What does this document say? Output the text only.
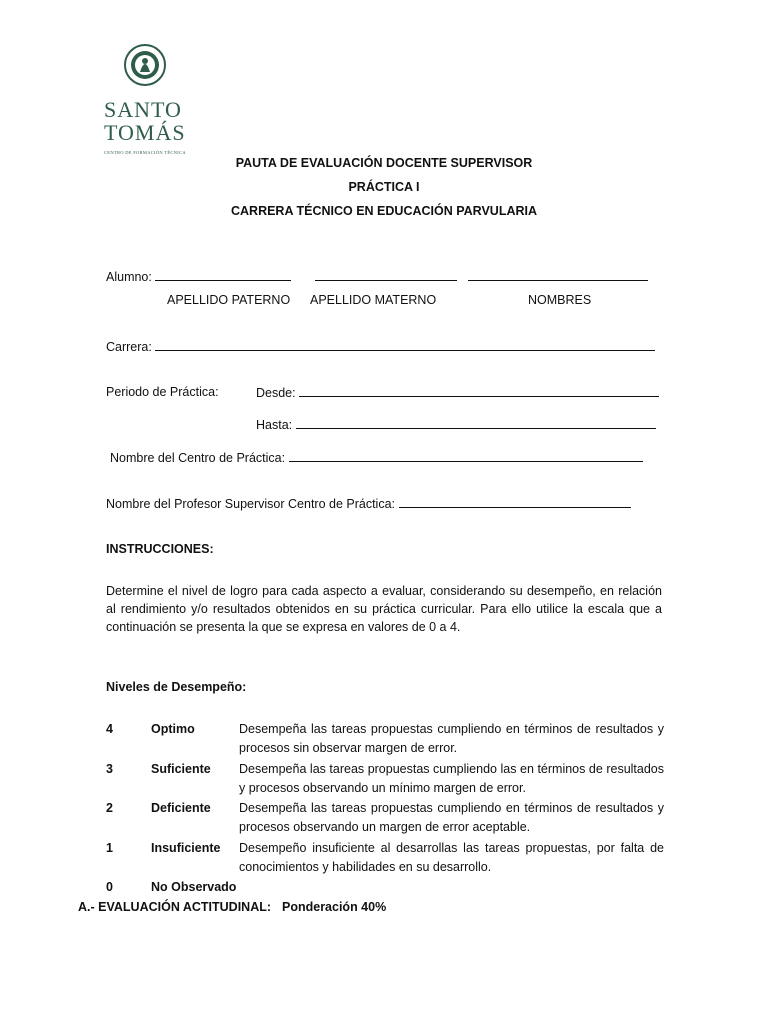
SANTO
TOMÁS
CENTRO DE FORMACIÓN TÉCNICA
PAUTA DE EVALUACIÓN DOCENTE SUPERVISOR
PRÁCTICA I
CARRERA TÉCNICO EN EDUCACIÓN PARVULARIA
Alumno:
APELLIDO PATERNO APELLIDO MATERNO	NOMBRES
Carrera:
Periodo de Práctica:	Desde:
Hasta:
Nombre del Centro de Práctica:
Nombre del Profesor Supervisor Centro de Práctica:
INSTRUCCIONES:
Determine el nivel de logro para cada aspecto a evaluar, considerando su desempeño, en relación al rendimiento y/o resultados obtenidos en su práctica curricular. Para ello utilice la escala que a continuación se presenta la que se expresa en valores de 0 a 4.
Niveles de Desempeño:
4	Optimo	Desempeña las tareas propuestas cumpliendo en términos de resultados y procesos sin observar margen de error.
3	Suficiente Desempeña las tareas propuestas cumpliendo las en términos de resultados y procesos observando un mínimo margen de error.
2	Deficiente Desempeña las tareas propuestas cumpliendo en términos de resultados y procesos observando un margen de error aceptable.
1	Insuficiente Desempeño insuficiente al desarrollas las tareas propuestas, por falta de conocimientos y habilidades en su desarrollo.
0	No Observado
A.- EVALUACIÓN ACTITUDINAL: Ponderación 40%
